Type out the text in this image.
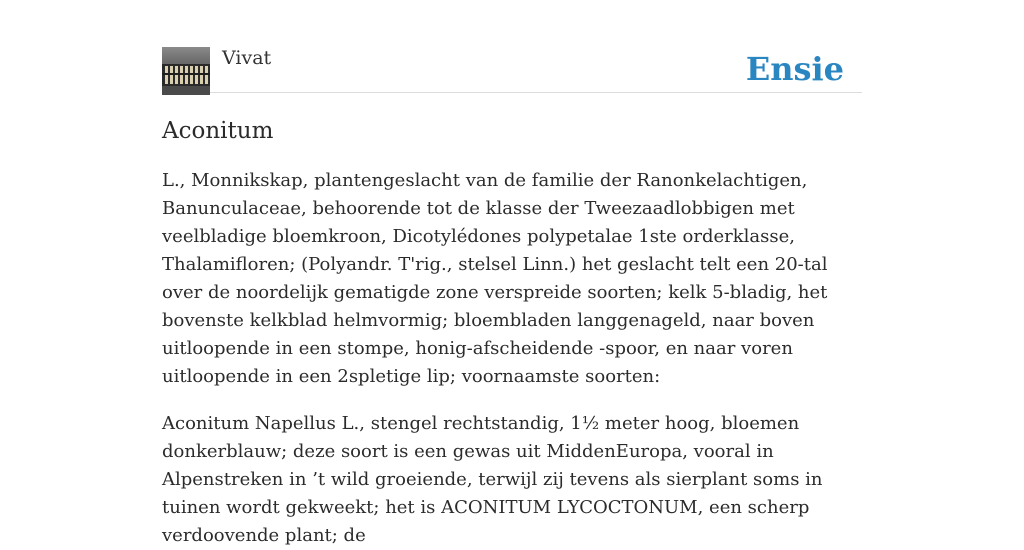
Vivat	Ensie
Aconitum

L., Monnikskap, plantengeslacht van de familie der Ranonkelachtigen, Banunculaceae, behoorende tot de klasse der Tweezaadlobbigen met veelbladige bloemkroon, Dicotylédones polypetalae 1ste orderklasse, Thalamifloren; (Polyandr. T'rig., stelsel Linn.) het geslacht telt een 20-tal over de noordelijk gematigde zone verspreide soorten; kelk 5-bladig, het bovenste kelkblad helmvormig; bloembladen langgenageld, naar boven uitloopende in een stompe, honig-afscheidende -spoor, en naar voren uitloopende in een 2spletige lip; voornaamste soorten:

Aconitum Napellus L., stengel rechtstandig, 1½ meter hoog, bloemen donkerblauw; deze soort is een gewas uit MiddenEuropa, vooral in Alpenstreken in ’t wild groeiende, terwijl zij tevens als sierplant soms in tuinen wordt gekweekt; het is ACONITUM LYCOCTONUM, een scherp verdoovende plant; de
